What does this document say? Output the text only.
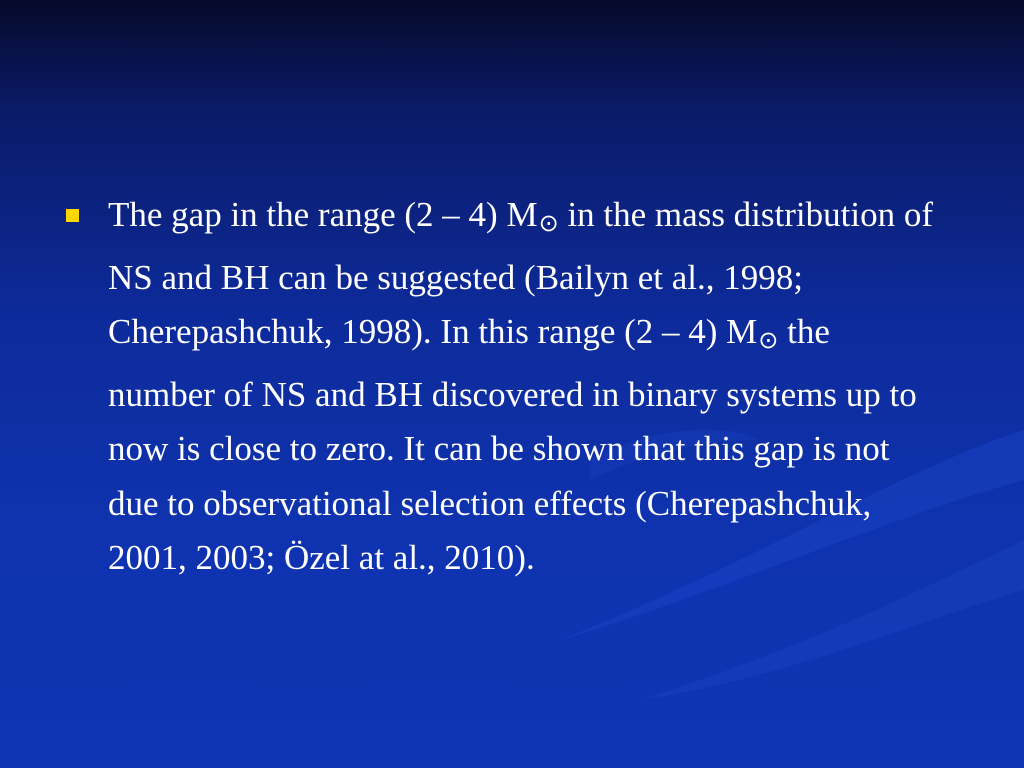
The gap in the range (2 – 4) M⊙ in the mass distribution of NS and BH can be suggested (Bailyn et al., 1998; Cherepashchuk, 1998). In this range (2 – 4) M⊙ the number of NS and BH discovered in binary systems up to now is close to zero. It can be shown that this gap is not due to observational selection effects (Cherepashchuk, 2001, 2003; Özel at al., 2010).
